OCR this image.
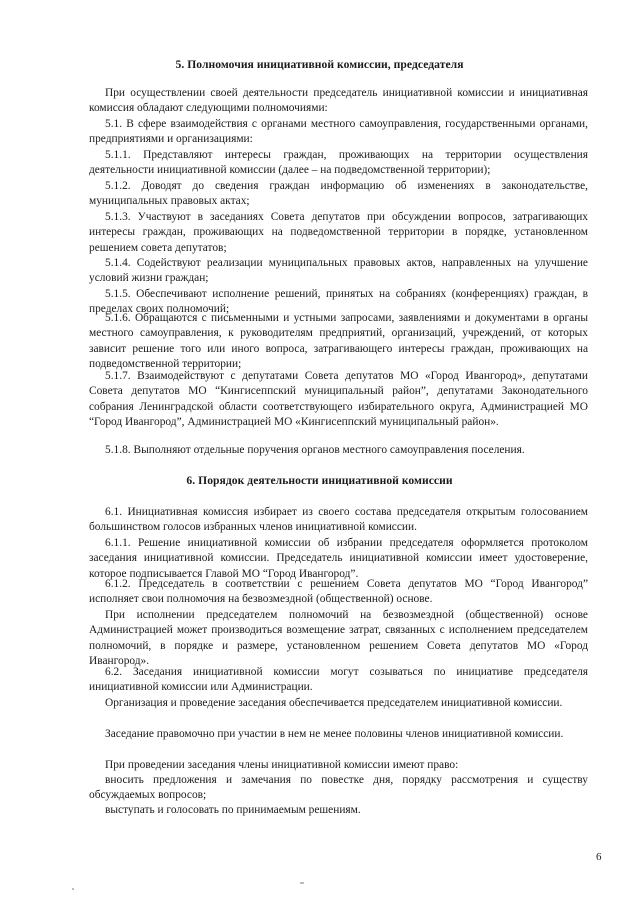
5. Полномочия инициативной комиссии, председателя

При осуществлении своей деятельности председатель инициативной комиссии и инициативная комиссия обладают следующими полномочиями:

5.1. В сфере взаимодействия с органами местного самоуправления, государственными органами, предприятиями и организациями:

5.1.1. Представляют интересы граждан, проживающих на территории осуществления деятельности инициативной комиссии (далее – на подведомственной территории);

5.1.2. Доводят до сведения граждан информацию об изменениях в законодательстве, муниципальных правовых актах;

5.1.3. Участвуют в заседаниях Совета депутатов при обсуждении вопросов, затрагивающих интересы граждан, проживающих на подведомственной территории в порядке, установленном решением совета депутатов;

5.1.4. Содействуют реализации муниципальных правовых актов, направленных на улучшение условий жизни граждан;

5.1.5. Обеспечивают исполнение решений, принятых на собраниях (конференциях) граждан, в пределах своих полномочий;

5.1.6. Обращаются с письменными и устными запросами, заявлениями и документами в органы местного самоуправления, к руководителям предприятий, организаций, учреждений, от которых зависит решение того или иного вопроса, затрагивающего интересы граждан, проживающих на подведомственной территории;

5.1.7. Взаимодействуют с депутатами Совета депутатов МО «Город Ивангород», депутатами Совета депутатов МО “Кингисеппский муниципальный район”, депутатами Законодательного собрания Ленинградской области соответствующего избирательного округа, Администрацией МО “Город Ивангород”, Администрацией МО «Кингисеппский муниципальный район».

5.1.8. Выполняют отдельные поручения органов местного самоуправления поселения.

6. Порядок деятельности инициативной комиссии

6.1. Инициативная комиссия избирает из своего состава председателя открытым голосованием большинством голосов избранных членов инициативной комиссии.

6.1.1. Решение инициативной комиссии об избрании председателя оформляется протоколом заседания инициативной комиссии. Председатель инициативной комиссии имеет удостоверение, которое подписывается Главой МО “Город Ивангород”.

6.1.2. Председатель в соответствии с решением Совета депутатов МО “Город Ивангород” исполняет свои полномочия на безвозмездной (общественной) основе.

При исполнении председателем полномочий на безвозмездной (общественной) основе Администрацией может производиться возмещение затрат, связанных с исполнением председателем полномочий, в порядке и размере, установленном решением Совета депутатов МО «Город Ивангород».

6.2. Заседания инициативной комиссии могут созываться по инициативе председателя инициативной комиссии или Администрации.

Организация и проведение заседания обеспечивается председателем инициативной комиссии.

Заседание правомочно при участии в нем не менее половины членов инициативной комиссии.

При проведении заседания члены инициативной комиссии имеют право:

вносить предложения и замечания по повестке дня, порядку рассмотрения и существу обсуждаемых вопросов;

выступать и голосовать по принимаемым решениям.

6
